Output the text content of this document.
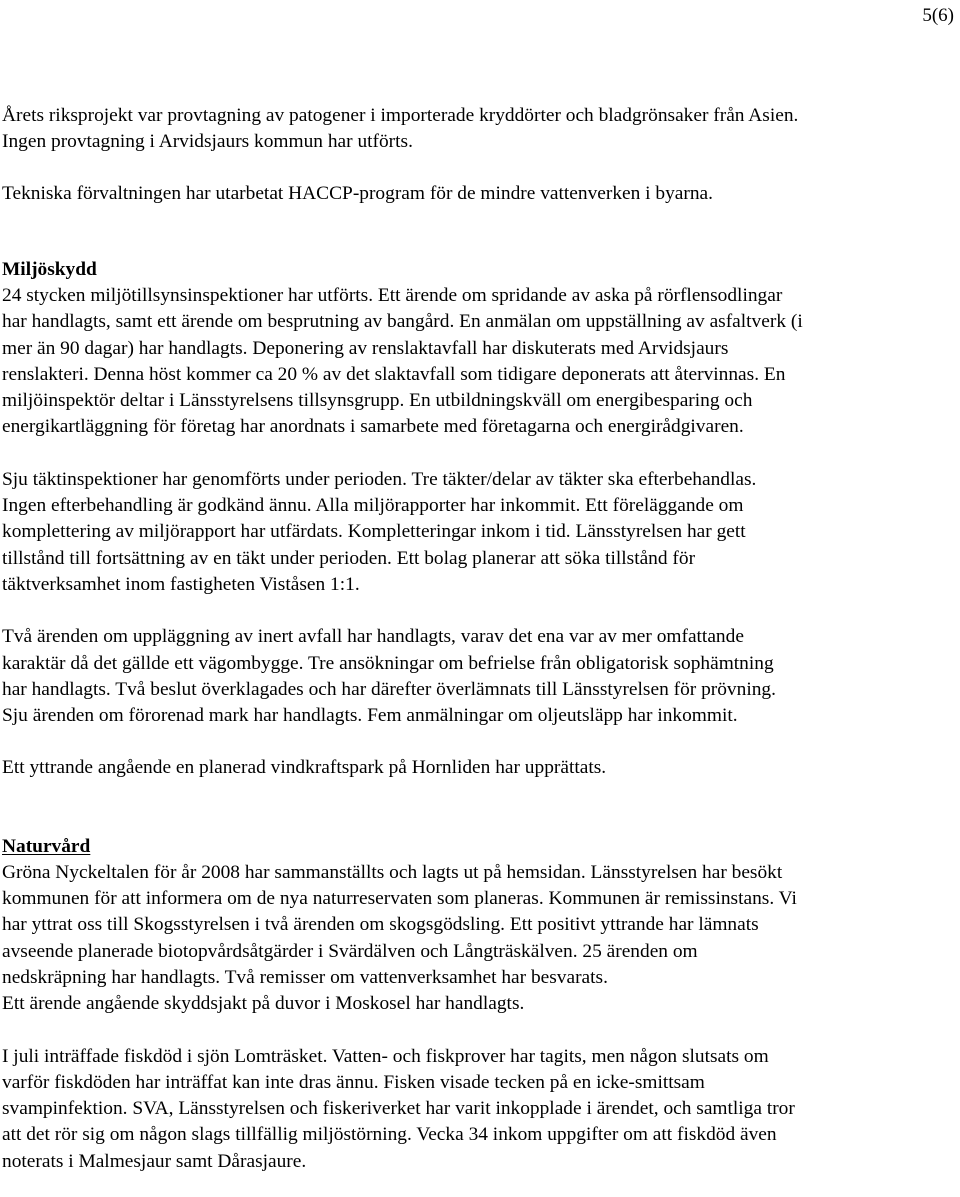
5(6)
Årets riksprojekt var provtagning av patogener i importerade kryddörter och bladgrönsaker från Asien.
Ingen provtagning i Arvidsjaurs kommun har utförts.
Tekniska förvaltningen har utarbetat HACCP-program för de mindre vattenverken i byarna.
Miljöskydd
24 stycken miljötillsynsinspektioner har utförts. Ett ärende om spridande av aska på rörflensodlingar
har handlagts, samt ett ärende om besprutning av bangård. En anmälan om uppställning av asfaltverk (i
mer än 90 dagar) har handlagts. Deponering av renslaktavfall har diskuterats med Arvidsjaurs
renslakteri. Denna höst kommer ca 20 % av det slaktavfall som tidigare deponerats att återvinnas. En
miljöinspektör deltar i Länsstyrelsens tillsynsgrupp. En utbildningskväll om energibesparing och
energikartläggning för företag har anordnats i samarbete med företagarna och energirådgivaren.
Sju täktinspektioner har genomförts under perioden. Tre täkter/delar av täkter ska efterbehandlas.
Ingen efterbehandling är godkänd ännu. Alla miljörapporter har inkommit. Ett föreläggande om
komplettering av miljörapport har utfärdats. Kompletteringar inkom i tid. Länsstyrelsen har gett
tillstånd till fortsättning av en täkt under perioden. Ett bolag planerar att söka tillstånd för
täktverksamhet inom fastigheten Viståsen 1:1.
Två ärenden om uppläggning av inert avfall har handlagts, varav det ena var av mer omfattande
karaktär då det gällde ett vägombygge. Tre ansökningar om befrielse från obligatorisk sophämtning
har handlagts. Två beslut överklagades och har därefter överlämnats till Länsstyrelsen för prövning.
Sju ärenden om förorenad mark har handlagts. Fem anmälningar om oljeutsläpp har inkommit.
Ett yttrande angående en planerad vindkraftspark på Hornliden har upprättats.
Naturvård
Gröna Nyckeltalen för år 2008 har sammanställts och lagts ut på hemsidan. Länsstyrelsen har besökt
kommunen för att informera om de nya naturreservaten som planeras. Kommunen är remissinstans. Vi
har yttrat oss till Skogsstyrelsen i två ärenden om skogsgödsling. Ett positivt yttrande har lämnats
avseende planerade biotopvårdsåtgärder i Svärdälven och Långträskälven. 25 ärenden om
nedskräpning har handlagts. Två remisser om vattenverksamhet har besvarats.
Ett ärende angående skyddsjakt på duvor i Moskosel har handlagts.
I juli inträffade fiskdöd i sjön Lomträsket. Vatten- och fiskprover har tagits, men någon slutsats om
varför fiskdöden har inträffat kan inte dras ännu. Fisken visade tecken på en icke-smittsam
svampinfektion. SVA, Länsstyrelsen och fiskeriverket har varit inkopplade i ärendet, och samtliga tror
att det rör sig om någon slags tillfällig miljöstörning. Vecka 34 inkom uppgifter om att fiskdöd även
noterats i Malmesjaur samt Dårasjaure.
